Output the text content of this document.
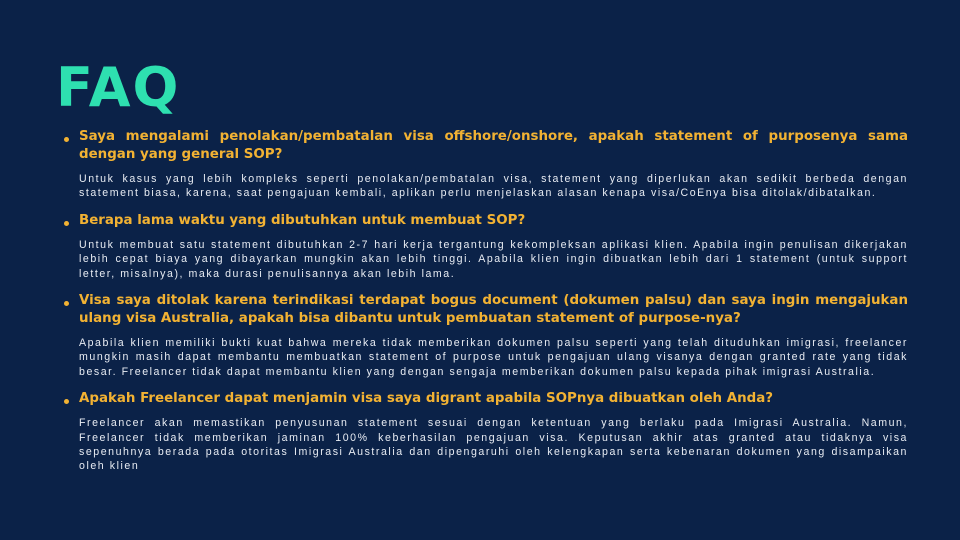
FAQ

Saya mengalami penolakan/pembatalan visa offshore/onshore, apakah statement of purposenya sama dengan yang general SOP?

Untuk kasus yang lebih kompleks seperti penolakan/pembatalan visa, statement yang diperlukan akan sedikit berbeda dengan statement biasa, karena, saat pengajuan kembali, aplikan perlu menjelaskan alasan kenapa visa/CoEnya bisa ditolak/dibatalkan.

Berapa lama waktu yang dibutuhkan untuk membuat SOP?

Untuk membuat satu statement dibutuhkan 2-7 hari kerja tergantung kekompleksan aplikasi klien. Apabila ingin penulisan dikerjakan lebih cepat biaya yang dibayarkan mungkin akan lebih tinggi. Apabila klien ingin dibuatkan lebih dari 1 statement (untuk support letter, misalnya), maka durasi penulisannya akan lebih lama.

Visa saya ditolak karena terindikasi terdapat bogus document (dokumen palsu) dan saya ingin mengajukan ulang visa Australia, apakah bisa dibantu untuk pembuatan statement of purpose-nya?

Apabila klien memiliki bukti kuat bahwa mereka tidak memberikan dokumen palsu seperti yang telah dituduhkan imigrasi, freelancer mungkin masih dapat membantu membuatkan statement of purpose untuk pengajuan ulang visanya dengan granted rate yang tidak besar. Freelancer tidak dapat membantu klien yang dengan sengaja memberikan dokumen palsu kepada pihak imigrasi Australia.

Apakah Freelancer dapat menjamin visa saya digrant apabila SOPnya dibuatkan oleh Anda?

Freelancer akan memastikan penyusunan statement sesuai dengan ketentuan yang berlaku pada Imigrasi Australia. Namun, Freelancer tidak memberikan jaminan 100% keberhasilan pengajuan visa. Keputusan akhir atas granted atau tidaknya visa sepenuhnya berada pada otoritas Imigrasi Australia dan dipengaruhi oleh kelengkapan serta kebenaran dokumen yang disampaikan oleh klien
